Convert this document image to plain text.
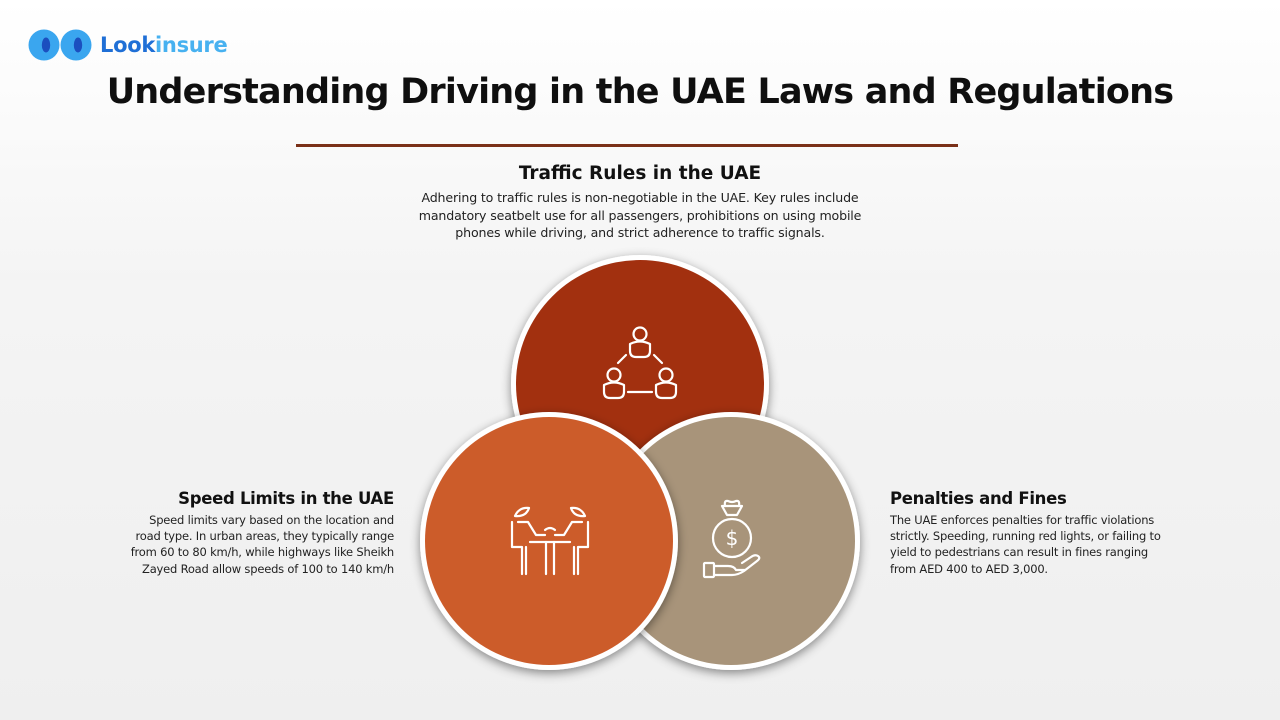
Lookinsure
Understanding Driving in the UAE Laws and Regulations
Traffic Rules in the UAE
Adhering to traffic rules is non-negotiable in the UAE. Key rules include
mandatory seatbelt use for all passengers, prohibitions on using mobile
phones while driving, and strict adherence to traffic signals.
Speed Limits in the UAE
Speed limits vary based on the location and
road type. In urban areas, they typically range
from 60 to 80 km/h, while highways like Sheikh
Zayed Road allow speeds of 100 to 140 km/h
Penalties and Fines
The UAE enforces penalties for traffic violations
strictly. Speeding, running red lights, or failing to
yield to pedestrians can result in fines ranging
from AED 400 to AED 3,000.
$
